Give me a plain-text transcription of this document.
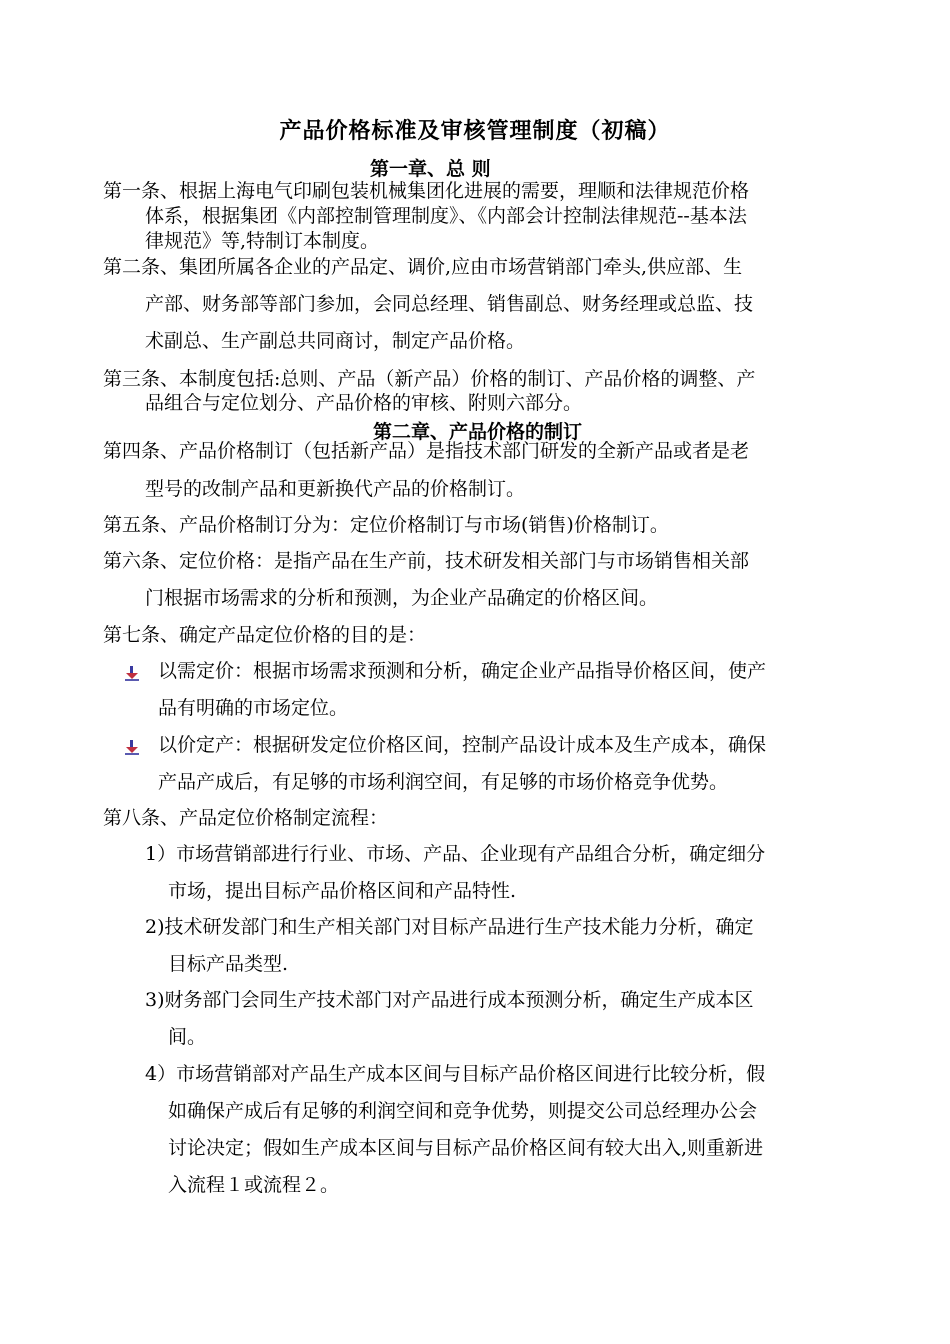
产品价格标准及审核管理制度（初稿）
第一章、总 则
第一条、根据上海电气印刷包装机械集团化进展的需要，理顺和法律规范价格
体系，根据集团《内部控制管理制度》、《内部会计控制法律规范--基本法
律规范》等,特制订本制度。
第二条、集团所属各企业的产品定、调价,应由市场营销部门牵头,供应部、生
产部、财务部等部门参加，会同总经理、销售副总、财务经理或总监、技
术副总、生产副总共同商讨，制定产品价格。
第三条、本制度包括:总则、产品（新产品）价格的制订、产品价格的调整、产
品组合与定位划分、产品价格的审核、附则六部分。
第二章、产品价格的制订
第四条、产品价格制订（包括新产品）是指技术部门研发的全新产品或者是老
型号的改制产品和更新换代产品的价格制订。
第五条、产品价格制订分为：定位价格制订与市场(销售)价格制订。
第六条、定位价格：是指产品在生产前，技术研发相关部门与市场销售相关部
门根据市场需求的分析和预测，为企业产品确定的价格区间。
第七条、确定产品定位价格的目的是：
以需定价：根据市场需求预测和分析，确定企业产品指导价格区间，使产
品有明确的市场定位。
以价定产：根据研发定位价格区间，控制产品设计成本及生产成本，确保
产品产成后，有足够的市场利润空间，有足够的市场价格竞争优势。
第八条、产品定位价格制定流程：
1）市场营销部进行行业、市场、产品、企业现有产品组合分析，确定细分
市场，提出目标产品价格区间和产品特性.
2)技术研发部门和生产相关部门对目标产品进行生产技术能力分析，确定
目标产品类型.
3)财务部门会同生产技术部门对产品进行成本预测分析，确定生产成本区
间。
4）市场营销部对产品生产成本区间与目标产品价格区间进行比较分析，假
如确保产成后有足够的利润空间和竞争优势，则提交公司总经理办公会
讨论决定；假如生产成本区间与目标产品价格区间有较大出入,则重新进
入流程１或流程２。
